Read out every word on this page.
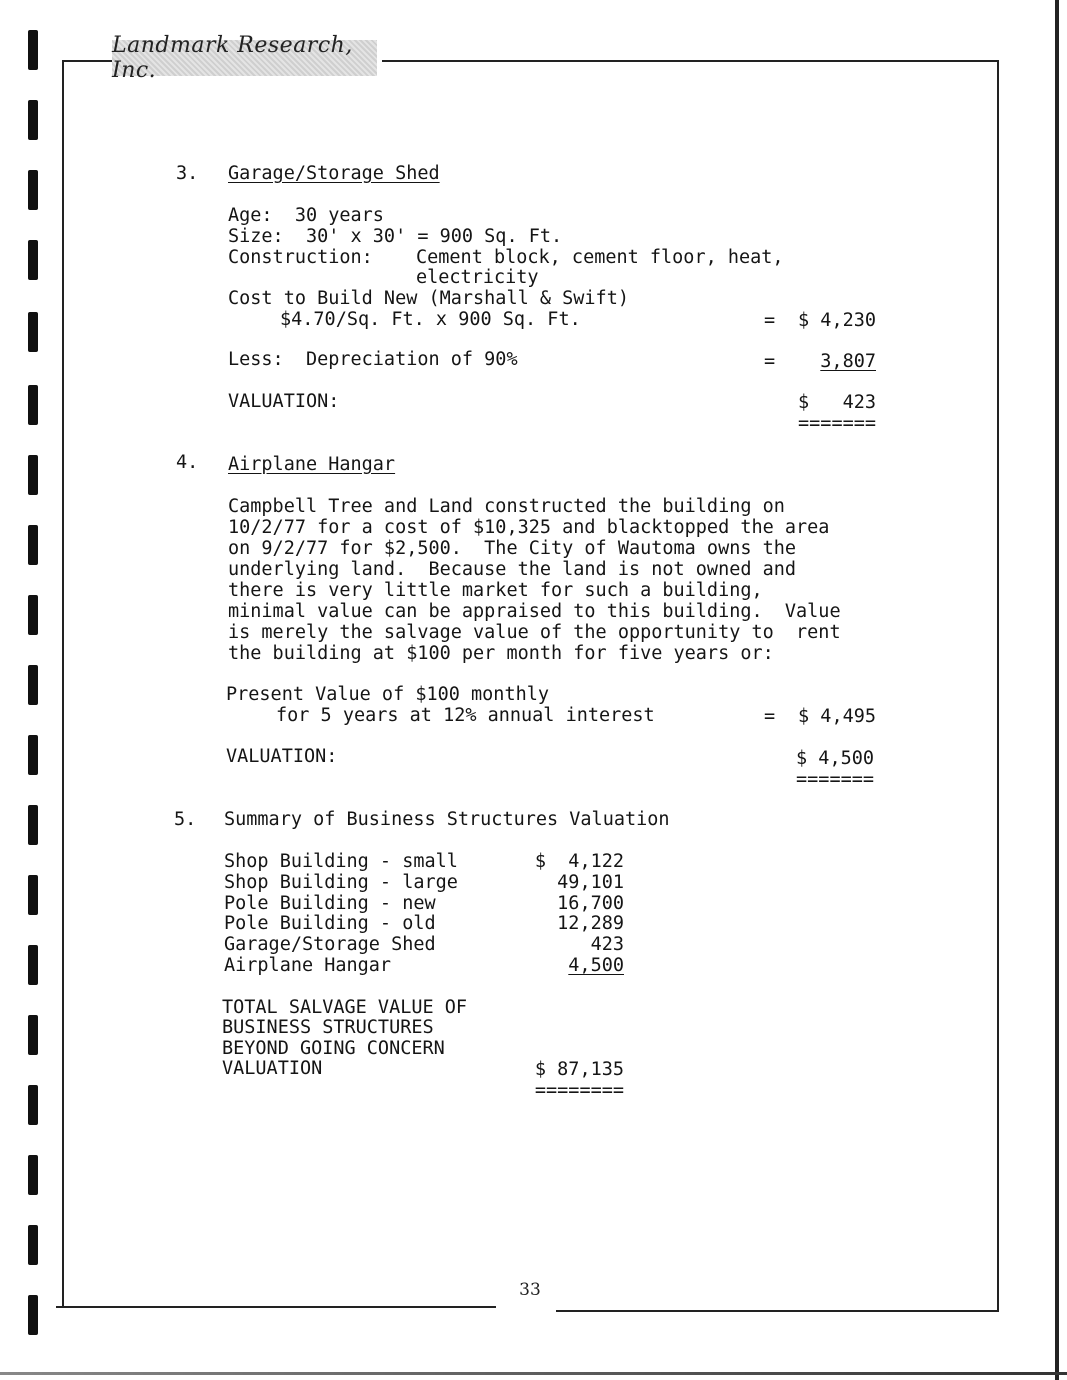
Landmark Research, Inc.
3. Garage/Storage Shed
Age:  30 years
Size:  30' x 30' = 900 Sq. Ft.
Construction: Cement block, cement floor, heat,
electricity
Cost to Build New (Marshall & Swift)
$4.70/Sq. Ft. x 900 Sq. Ft.	=	$ 4,230
Less:  Depreciation of 90%	=	3,807
VALUATION:	$   423
=======
4. Airplane Hangar
Campbell Tree and Land constructed the building on
10/2/77 for a cost of $10,325 and blacktopped the area
on 9/2/77 for $2,500.  The City of Wautoma owns the
underlying land.  Because the land is not owned and
there is very little market for such a building,
minimal value can be appraised to this building.  Value
is merely the salvage value of the opportunity to  rent
the building at $100 per month for five years or:
Present Value of $100 monthly
for 5 years at 12% annual interest	=	$ 4,495
VALUATION:	$ 4,500
=======
5. Summary of Business Structures Valuation
Shop Building - small	$  4,122
Shop Building - large	49,101
Pole Building - new	16,700
Pole Building - old	12,289
Garage/Storage Shed	423
Airplane Hangar	4,500
TOTAL SALVAGE VALUE OF
BUSINESS STRUCTURES
BEYOND GOING CONCERN
VALUATION	$ 87,135
========
33
